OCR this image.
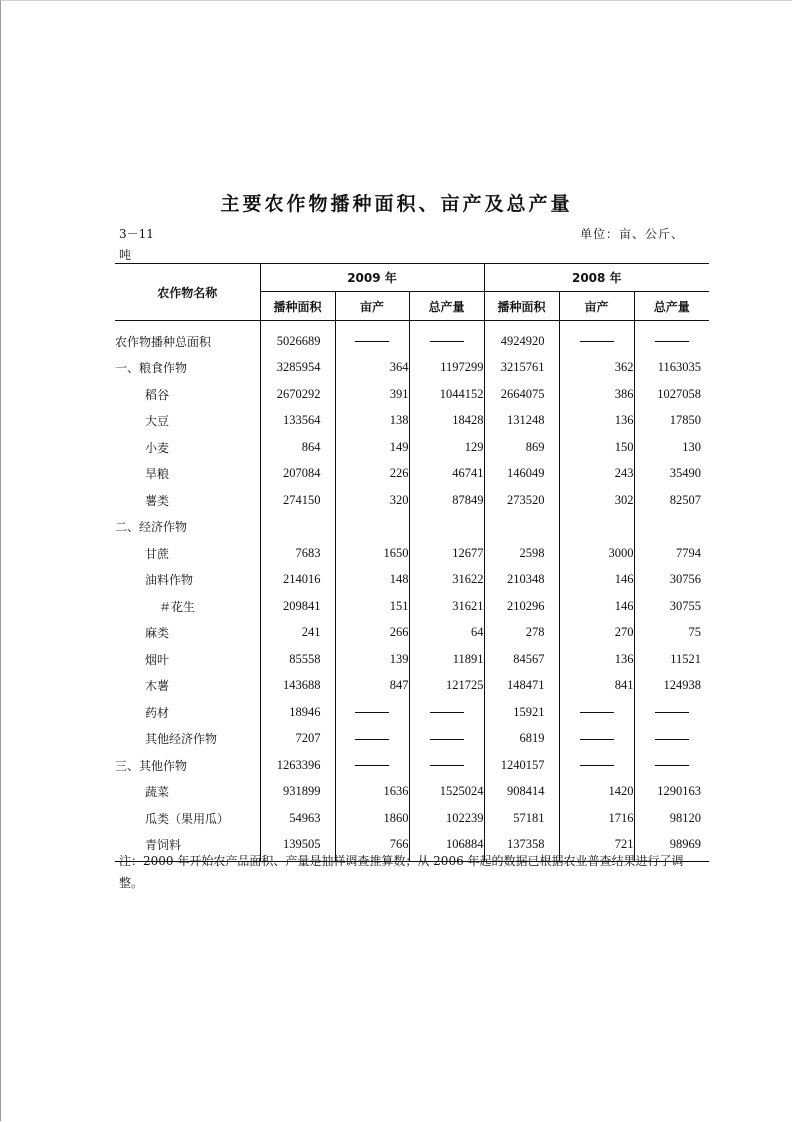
主要农作物播种面积、亩产及总产量
3－11	单位：亩、公斤、
吨
农作物名称	2009 年			2008 年		
	播种面积	亩产	总产量	播种面积	亩产	总产量
农作物播种总面积	5026689			4924920		
一、粮食作物	3285954	364	1197299	3215761	362	1163035
稻谷	2670292	391	1044152	2664075	386	1027058
大豆	133564	138	18428	131248	136	17850
小麦	864	149	129	869	150	130
旱粮	207084	226	46741	146049	243	35490
薯类	274150	320	87849	273520	302	82507
二、经济作物						
甘蔗	7683	1650	12677	2598	3000	7794
油料作物	214016	148	31622	210348	146	30756
＃花生	209841	151	31621	210296	146	30755
麻类	241	266	64	278	270	75
烟叶	85558	139	11891	84567	136	11521
木薯	143688	847	121725	148471	841	124938
药材	18946			15921		
其他经济作物	7207			6819		
三、其他作物	1263396			1240157		
蔬菜	931899	1636	1525024	908414	1420	1290163
瓜类（果用瓜）	54963	1860	102239	57181	1716	98120
青饲料	139505	766	106884	137358	721	98969
注：2000 年开始农产品面积、产量是抽样调查推算数；从 2006 年起的数据已根据农业普查结果进行了调整。
